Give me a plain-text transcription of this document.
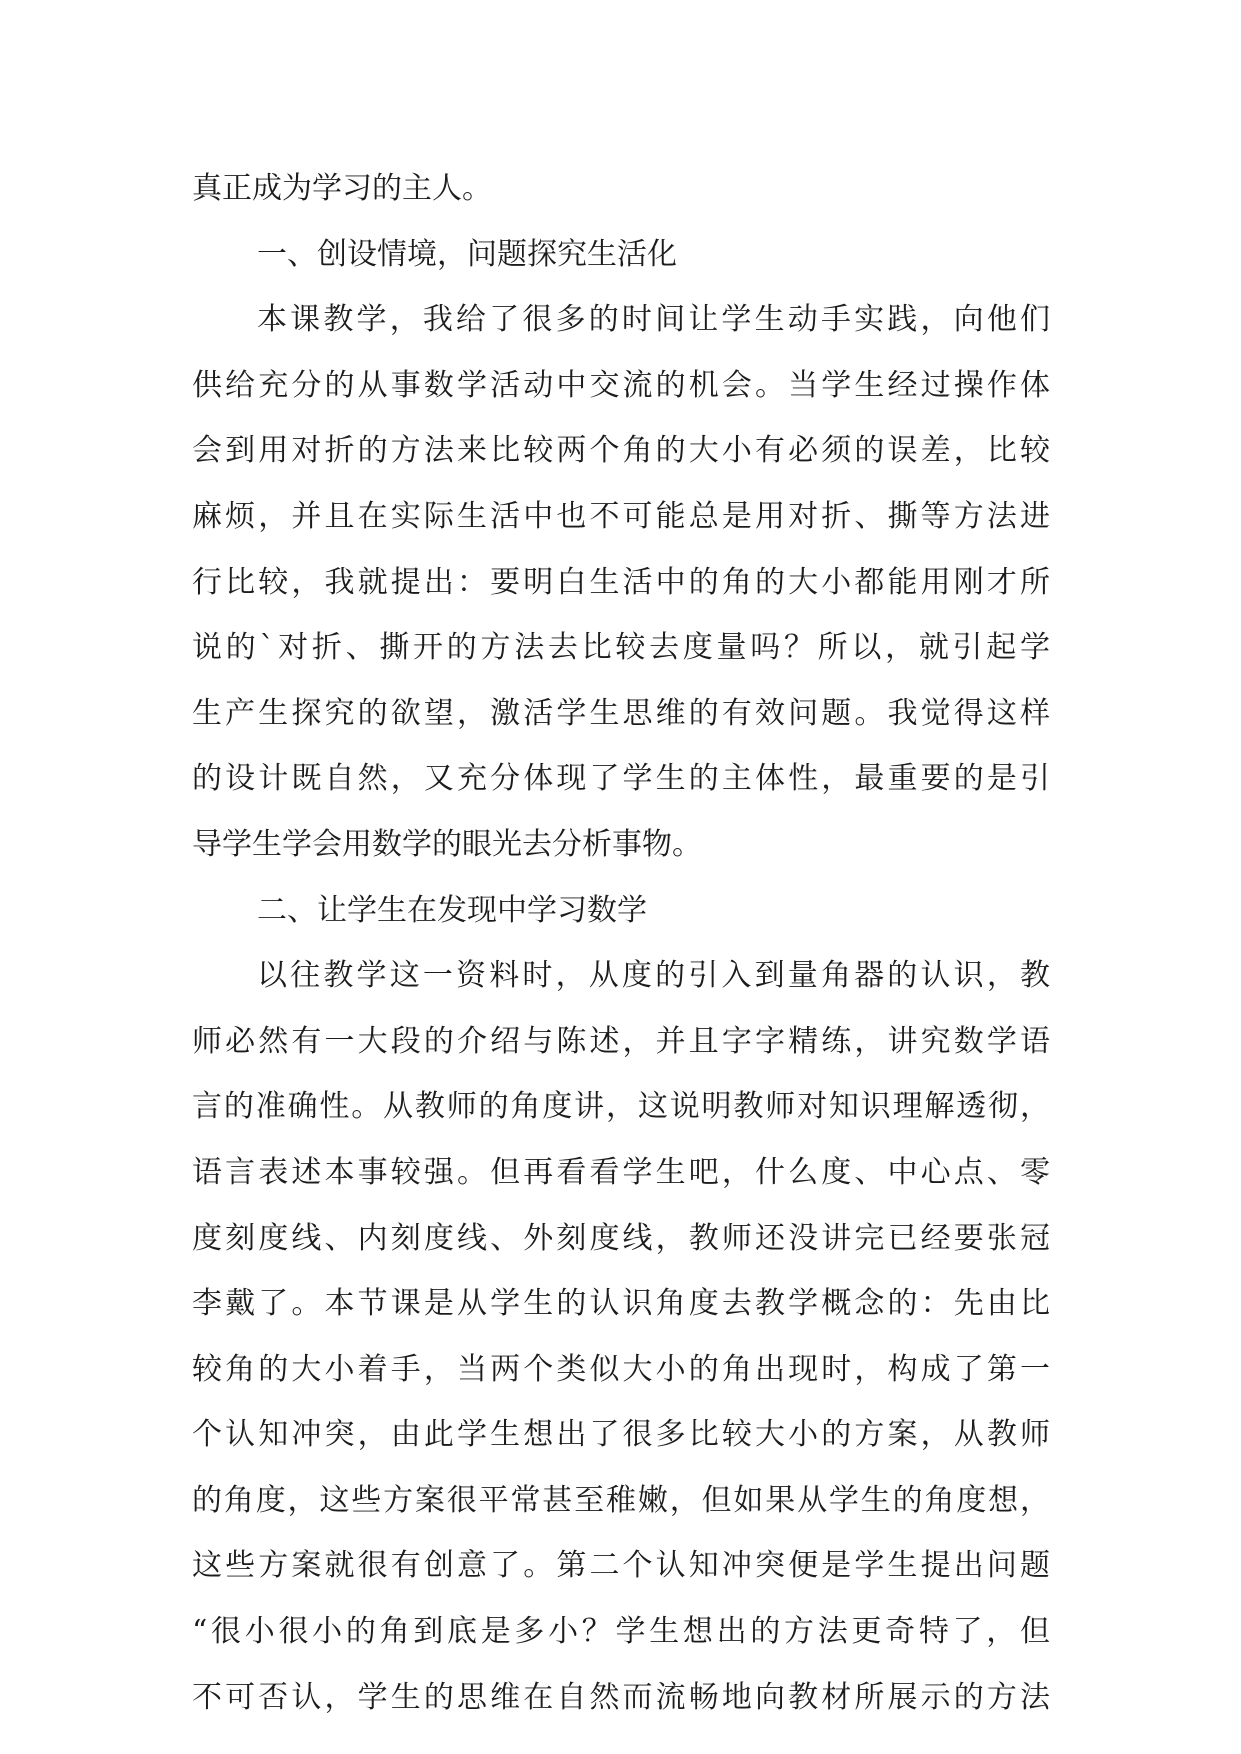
真正成为学习的主人。
一、创设情境，问题探究生活化
本课教学，我给了很多的时间让学生动手实践，向他们
供给充分的从事数学活动中交流的机会。当学生经过操作体
会到用对折的方法来比较两个角的大小有必须的误差，比较
麻烦，并且在实际生活中也不可能总是用对折、撕等方法进
行比较，我就提出：要明白生活中的角的大小都能用刚才所
说的`对折、撕开的方法去比较去度量吗？所以，就引起学
生产生探究的欲望，激活学生思维的有效问题。我觉得这样
的设计既自然，又充分体现了学生的主体性，最重要的是引
导学生学会用数学的眼光去分析事物。
二、让学生在发现中学习数学
以往教学这一资料时，从度的引入到量角器的认识，教
师必然有一大段的介绍与陈述，并且字字精练，讲究数学语
言的准确性。从教师的角度讲，这说明教师对知识理解透彻，
语言表述本事较强。但再看看学生吧，什么度、中心点、零
度刻度线、内刻度线、外刻度线，教师还没讲完已经要张冠
李戴了。本节课是从学生的认识角度去教学概念的：先由比
较角的大小着手，当两个类似大小的角出现时，构成了第一
个认知冲突，由此学生想出了很多比较大小的方案，从教师
的角度，这些方案很平常甚至稚嫩，但如果从学生的角度想，
这些方案就很有创意了。第二个认知冲突便是学生提出问题
“很小很小的角到底是多小？学生想出的方法更奇特了，但
不可否认，学生的思维在自然而流畅地向教材所展示的方法
